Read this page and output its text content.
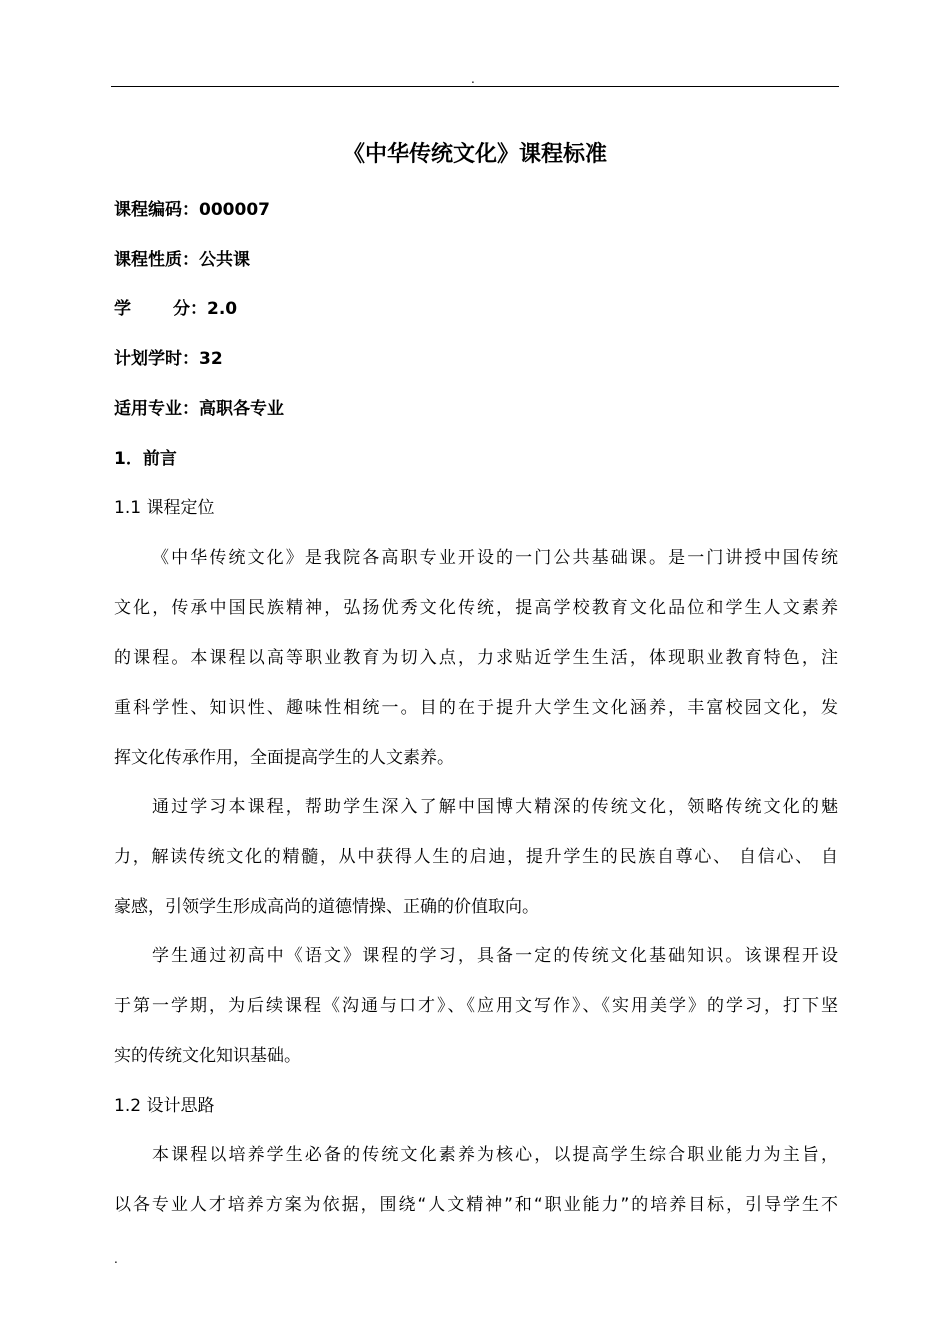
.
《中华传统文化》课程标准
课程编码：000007
课程性质：公共课
学分：2.0
计划学时：32
适用专业：高职各专业
1．前言
1.1 课程定位
《中华传统文化》是我院各高职专业开设的一门公共基础课。是一门讲授中国传统
文化，传承中国民族精神，弘扬优秀文化传统，提高学校教育文化品位和学生人文素养
的课程。本课程以高等职业教育为切入点，力求贴近学生生活，体现职业教育特色，注
重科学性、知识性、趣味性相统一。目的在于提升大学生文化涵养，丰富校园文化，发
挥文化传承作用，全面提高学生的人文素养。
通过学习本课程，帮助学生深入了解中国博大精深的传统文化，领略传统文化的魅
力，解读传统文化的精髓，从中获得人生的启迪，提升学生的民族自尊心、 自信心、 自
豪感，引领学生形成高尚的道德情操、正确的价值取向。
学生通过初高中《语文》课程的学习，具备一定的传统文化基础知识。该课程开设
于第一学期，为后续课程《沟通与口才》、《应用文写作》、《实用美学》的学习，打下坚
实的传统文化知识基础。
1.2 设计思路
本课程以培养学生必备的传统文化素养为核心，以提高学生综合职业能力为主旨，
以各专业人才培养方案为依据，围绕“人文精神”和“职业能力”的培养目标，引导学生不
.
